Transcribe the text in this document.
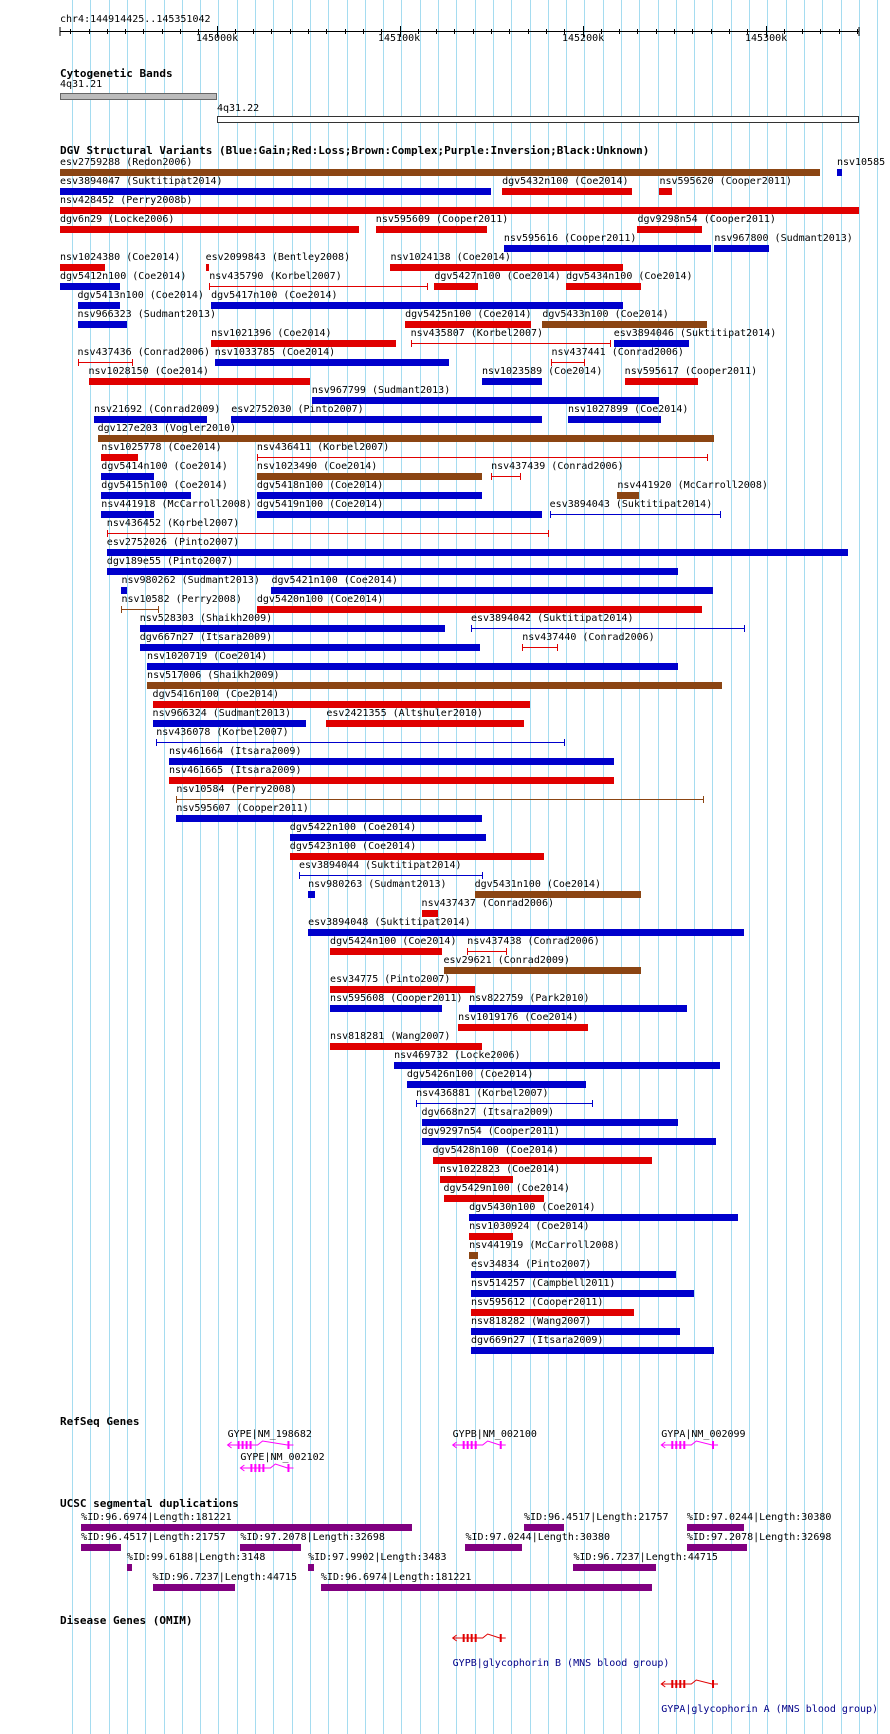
chr4:144914425..145351042
145000k	145100k	145200k	145300k
Cytogenetic Bands
4q31.21
4q31.22
DGV Structural Variants (Blue:Gain;Red:Loss;Brown:Complex;Purple:Inversion;Black:Unknown)
esv2759288 (Redon2006)
esv3894047 (Suktitipat2014)	dgv5432n100 (Coe2014)	nsv595620 (Cooper2011)
nsv10585
nsv428452 (Perry2008b)
dgv6n29 (Locke2006)	nsv595609 (Cooper2011)
nsv595616 (Cooper2011)
nsv1024380 (Coe2014)	esv2099843 (Bentley2008)	nsv1024138 (Coe2014)
dgv9298n54 (Cooper2011)
dgv5412n100 (Coe2014) nsv435790 (Korbel2007)	dgv5427n100 (Coe2014) dgv5434n100 (Coe2014)
dgv5413n100 (Coe2014) dgv5417n100 (Coe2014)
nsv967800 (Sudmant2013)
nsv966323 (Sudmant2013)
nsv1021396 (Coe2014)
dgv5425n100 (Coe2014) dgv5433n100 (Coe2014)
nsv437436 (Conrad2006) nsv1033785 (Coe2014)
nsv435807 (Korbel2007)	esv3894046 (Suktitipat2014)
nsv1028150 (Coe2014)
nsv967799 (Sudmant2013)
nsv21692 (Conrad2009) esv2752030 (Pinto2007)
nsv437441 (Conrad2006)
dgv127e203 (Vogler2010)
nsv1025778 (Coe2014)	nsv436411 (Korbel2007)
dgv5414n100 (Coe2014)	nsv1023490 (Coe2014)
nsv1023589 (Coe2014) nsv595617 (Cooper2011)
dgv5415n100 (Coe2014)	dgv5418n100 (Coe2014)
nsv437439 (Conrad2006)
nsv441918 (McCarroll2008) dgv5419n100 (Coe2014)
nsv1027899 (Coe2014)
nsv436452 (Korbel2007)
nsv441920 (McCarroll2008)
esv2752026 (Pinto2007)
dgv189e55 (Pinto2007)
nsv980262 (Sudmant2013) dgv5421n100 (Coe2014)
nsv10582 (Perry2008) dgv5420n100 (Coe2014)
nsv528303 (Shaikh2009)	esv3894042 (Suktitipat2014)
dgv667n27 (Itsara2009)	nsv437440 (Conrad2006)
nsv1020719 (Coe2014)
nsv517006 (Shaikh2009)
dgv5416n100 (Coe2014)
esv3894043 (Suktitipat2014)
nsv966324 (Sudmant2013)	esv2421355 (Altshuler2010)
nsv436078 (Korbel2007)
nsv461664 (Itsara2009)
nsv461665 (Itsara2009)
nsv10584 (Perry2008)
nsv595607 (Cooper2011)
dgv5422n100 (Coe2014)
dgv5423n100 (Coe2014)
esv3894044 (Suktitipat2014)
nsv980263 (Sudmant2013)
nsv437437 (Conrad2006)
esv3894048 (Suktitipat2014)
dgv5424n100 (Coe2014)
esv29621 (Conrad2009)
esv34775 (Pinto2007)
dgv5431n100 (Coe2014)
nsv595608 (Cooper2011)
nsv1019176 (Coe2014)
nsv818281 (Wang2007)
nsv469732 (Locke2006)
dgv5426n100 (Coe2014)
nsv436881 (Korbel2007)
dgv668n27 (Itsara2009)
dgv9297n54 (Cooper2011)
dgv5428n100 (Coe2014)
nsv1022823 (Coe2014)
dgv5429n100 (Coe2014)
nsv437438 (Conrad2006)
nsv822759 (Park2010)
dgv5430n100 (Coe2014)
nsv1030924 (Coe2014)
nsv441919 (McCarroll2008)
esv34834 (Pinto2007)
nsv514257 (Campbell2011)
nsv595612 (Cooper2011)
nsv818282 (Wang2007)
dgv669n27 (Itsara2009)
RefSeq Genes
GYPE|NM_198682
GYPE|NM_002102
GYPB|NM_002100	GYPA|NM_002099
UCSC segmental duplications
%ID:96.6974|Length:181221	%ID:96.4517|Length:21757 %ID:97.0244|Length:30380
%ID:96.4517|Length:21757 %ID:97.2078|Length:32698	%ID:97.0244|Length:30380	%ID:97.2078|Length:32698
%ID:99.6188|Length:3148	%ID:97.9902|Length:3483	%ID:96.7237|Length:44715
%ID:96.7237|Length:44715 %ID:96.6974|Length:181221
Disease Genes (OMIM)
GYPB|glycophorin B (MNS blood group)
GYPA|glycophorin A (MNS blood group)
